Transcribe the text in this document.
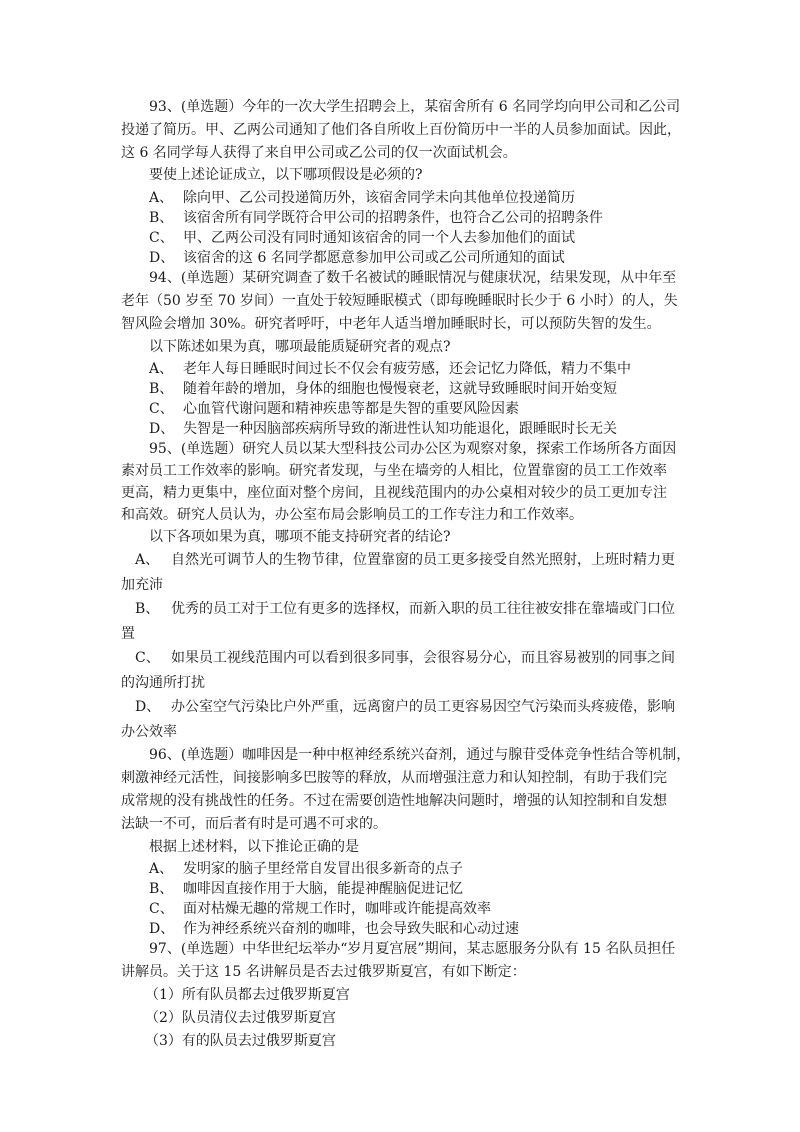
93、(单选题）今年的一次大学生招聘会上，某宿舍所有 6 名同学均向甲公司和乙公司
投递了简历。甲、乙两公司通知了他们各自所收上百份简历中一半的人员参加面试。因此，
这 6 名同学每人获得了来自甲公司或乙公司的仅一次面试机会。
要使上述论证成立，以下哪项假设是必须的?
A、 除向甲、乙公司投递简历外，该宿舍同学未向其他单位投递简历
B、 该宿舍所有同学既符合甲公司的招聘条件，也符合乙公司的招聘条件
C、 甲、乙两公司没有同时通知该宿舍的同一个人去参加他们的面试
D、 该宿舍的这 6 名同学都愿意参加甲公司或乙公司所通知的面试
94、(单选题）某研究调查了数千名被试的睡眠情况与健康状况，结果发现，从中年至
老年（50 岁至 70 岁间）一直处于较短睡眠模式（即每晚睡眠时长少于 6 小时）的人，失
智风险会增加 30%。研究者呼吁，中老年人适当增加睡眠时长，可以预防失智的发生。
以下陈述如果为真，哪项最能质疑研究者的观点?
A、 老年人每日睡眠时间过长不仅会有疲劳感，还会记忆力降低，精力不集中
B、 随着年龄的增加，身体的细胞也慢慢衰老，这就导致睡眠时间开始变短
C、 心血管代谢问题和精神疾患等都是失智的重要风险因素
D、 失智是一种因脑部疾病所导致的渐进性认知功能退化，跟睡眠时长无关
95、(单选题）研究人员以某大型科技公司办公区为观察对象，探索工作场所各方面因
素对员工工作效率的影响。研究者发现，与坐在墙旁的人相比，位置靠窗的员工工作效率
更高，精力更集中，座位面对整个房间，且视线范围内的办公桌相对较少的员工更加专注
和高效。研究人员认为，办公室布局会影响员工的工作专注力和工作效率。
以下各项如果为真，哪项不能支持研究者的结论?
A、 自然光可调节人的生物节律，位置靠窗的员工更多接受自然光照射，上班时精力更加充沛
B、 优秀的员工对于工位有更多的选择权，而新入职的员工往往被安排在靠墙或门口位置
C、 如果员工视线范围内可以看到很多同事，会很容易分心，而且容易被别的同事之间的沟通所打扰
D、 办公室空气污染比户外严重，远离窗户的员工更容易因空气污染而头疼疲倦，影响办公效率
96、(单选题）咖啡因是一种中枢神经系统兴奋剂，通过与腺苷受体竞争性结合等机制，
刺激神经元活性，间接影响多巴胺等的释放，从而增强注意力和认知控制，有助于我们完
成常规的没有挑战性的任务。不过在需要创造性地解决问题时，增强的认知控制和自发想
法缺一不可，而后者有时是可遇不可求的。
根据上述材料，以下推论正确的是
A、 发明家的脑子里经常自发冒出很多新奇的点子
B、 咖啡因直接作用于大脑，能提神醒脑促进记忆
C、 面对枯燥无趣的常规工作时，咖啡或许能提高效率
D、 作为神经系统兴奋剂的咖啡，也会导致失眠和心动过速
97、(单选题）中华世纪坛举办“岁月夏宫展”期间，某志愿服务分队有 15 名队员担任
讲解员。关于这 15 名讲解员是否去过俄罗斯夏宫，有如下断定：
（1）所有队员都去过俄罗斯夏宫
（2）队员清仪去过俄罗斯夏宫
（3）有的队员去过俄罗斯夏宫
